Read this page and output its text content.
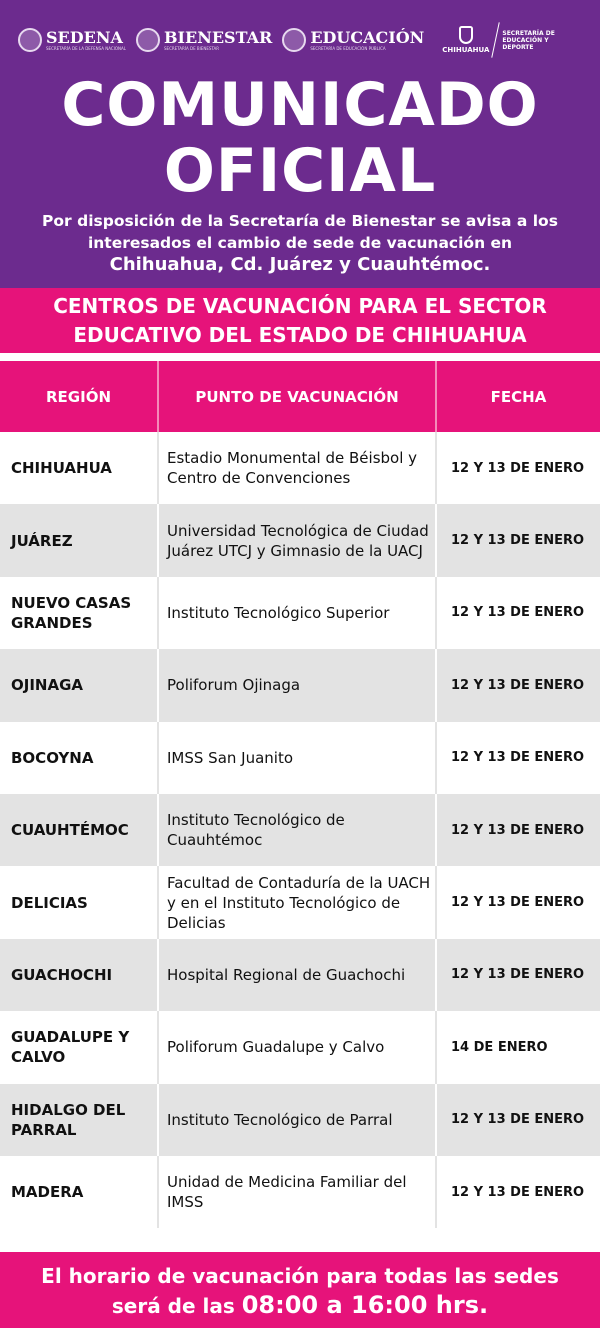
SEDENA
SECRETARÍA DE LA DEFENSA NACIONAL
BIENESTAR
SECRETARÍA DE BIENESTAR
EDUCACIÓN
SECRETARÍA DE EDUCACIÓN PÚBLICA	CHIHUAHUA
SECRETARÍA DE EDUCACIÓN Y DEPORTE
COMUNICADO OFICIAL

Por disposición de la Secretaría de Bienestar se avisa a los interesados el cambio de sede de vacunación en
Chihuahua, Cd. Juárez y Cuauhtémoc.

CENTROS DE VACUNACIÓN PARA EL SECTOR EDUCATIVO DEL ESTADO DE CHIHUAHUA
REGIÓN	PUNTO DE VACUNACIÓN	FECHA
CHIHUAHUA	Estadio Monumental de Béisbol y Centro de Convenciones	12 Y 13 DE ENERO
JUÁREZ	Universidad Tecnológica de Ciudad Juárez UTCJ y Gimnasio de la UACJ	12 Y 13 DE ENERO
NUEVO CASAS GRANDES	Instituto Tecnológico Superior	12 Y 13 DE ENERO
OJINAGA	Poliforum Ojinaga	12 Y 13 DE ENERO
BOCOYNA	IMSS San Juanito	12 Y 13 DE ENERO
CUAUHTÉMOC	Instituto Tecnológico de Cuauhtémoc	12 Y 13 DE ENERO
DELICIAS	Facultad de Contaduría de la UACH y en el Instituto Tecnológico de Delicias	12 Y 13 DE ENERO
GUACHOCHI	Hospital Regional de Guachochi	12 Y 13 DE ENERO
GUADALUPE Y CALVO	Poliforum Guadalupe y Calvo	14 DE ENERO
HIDALGO DEL PARRAL	Instituto Tecnológico de Parral	12 Y 13 DE ENERO
MADERA	Unidad de Medicina Familiar del IMSS	12 Y 13 DE ENERO
El horario de vacunación para todas las sedes
será de las 08:00 a 16:00 hrs.
